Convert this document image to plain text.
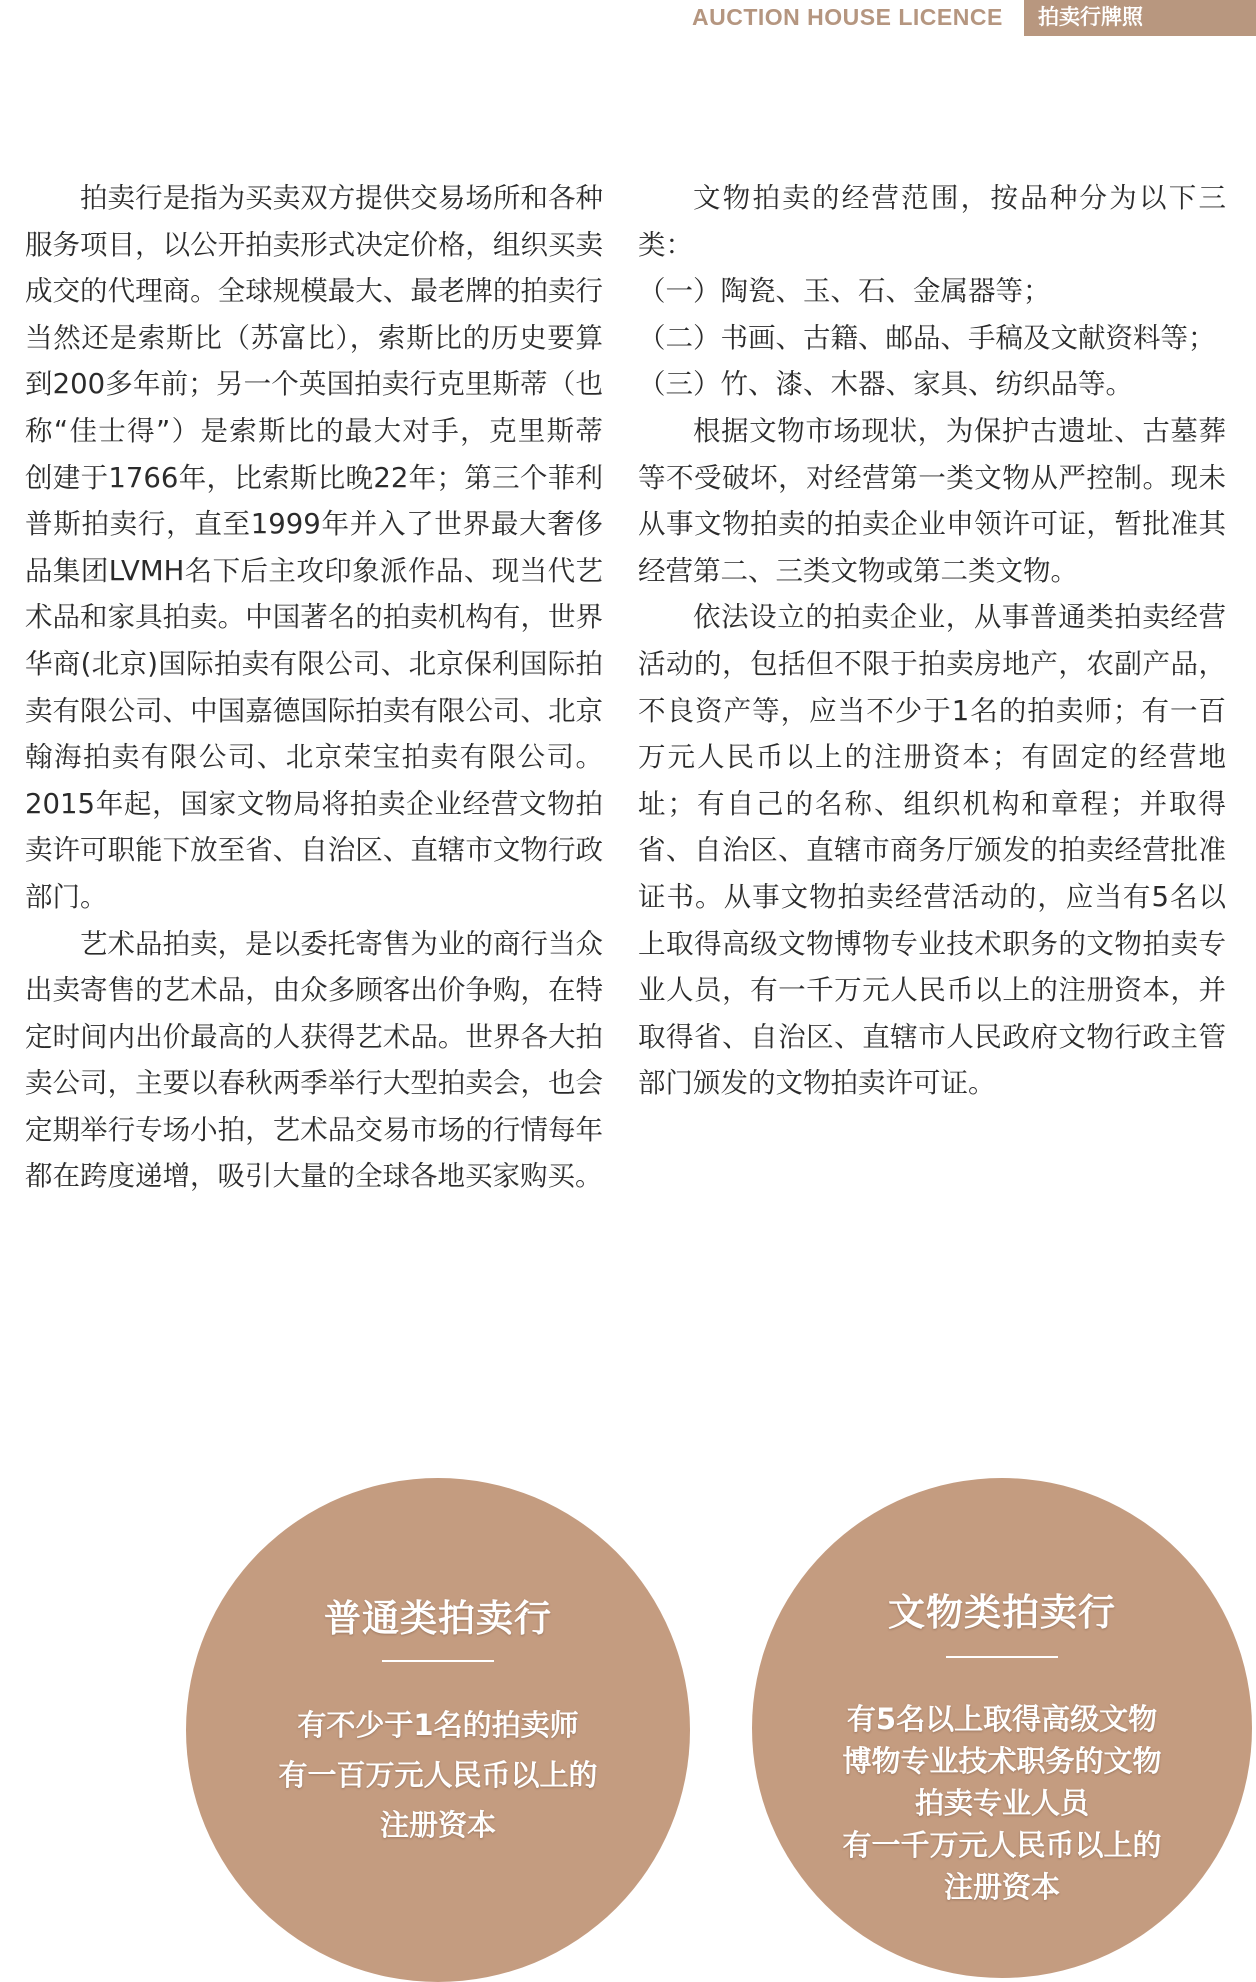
AUCTION HOUSE LICENCE	拍卖行牌照

拍卖行是指为买卖双方提供交易场所和各种服务项目，以公开拍卖形式决定价格，组织买卖成交的代理商。全球规模最大、最老牌的拍卖行当然还是索斯比（苏富比），索斯比的历史要算到200多年前；另一个英国拍卖行克里斯蒂（也称“佳士得”）是索斯比的最大对手，克里斯蒂创建于1766年，比索斯比晚22年；第三个菲利普斯拍卖行，直至1999年并入了世界最大奢侈品集团LVMH名下后主攻印象派作品、现当代艺术品和家具拍卖。中国著名的拍卖机构有，世界华商(北京)国际拍卖有限公司、北京保利国际拍卖有限公司、中国嘉德国际拍卖有限公司、北京翰海拍卖有限公司、北京荣宝拍卖有限公司。2015年起，国家文物局将拍卖企业经营文物拍卖许可职能下放至省、自治区、直辖市文物行政部门。

艺术品拍卖，是以委托寄售为业的商行当众出卖寄售的艺术品，由众多顾客出价争购，在特定时间内出价最高的人获得艺术品。世界各大拍卖公司，主要以春秋两季举行大型拍卖会，也会定期举行专场小拍，艺术品交易市场的行情每年都在跨度递增，吸引大量的全球各地买家购买。

文物拍卖的经营范围，按品种分为以下三类：

（一）陶瓷、玉、石、金属器等；

（二）书画、古籍、邮品、手稿及文献资料等；

（三）竹、漆、木器、家具、纺织品等。

根据文物市场现状，为保护古遗址、古墓葬等不受破坏，对经营第一类文物从严控制。现未从事文物拍卖的拍卖企业申领许可证，暂批准其经营第二、三类文物或第二类文物。

依法设立的拍卖企业，从事普通类拍卖经营活动的，包括但不限于拍卖房地产，农副产品，不良资产等，应当不少于1名的拍卖师；有一百万元人民币以上的注册资本；有固定的经营地址；有自己的名称、组织机构和章程；并取得省、自治区、直辖市商务厅颁发的拍卖经营批准证书。从事文物拍卖经营活动的，应当有5名以上取得高级文物博物专业技术职务的文物拍卖专业人员，有一千万元人民币以上的注册资本，并取得省、自治区、直辖市人民政府文物行政主管部门颁发的文物拍卖许可证。

普通类拍卖行
有不少于1名的拍卖师
有一百万元人民币以上的
注册资本
文物类拍卖行
有5名以上取得高级文物
博物专业技术职务的文物
拍卖专业人员
有一千万元人民币以上的
注册资本
